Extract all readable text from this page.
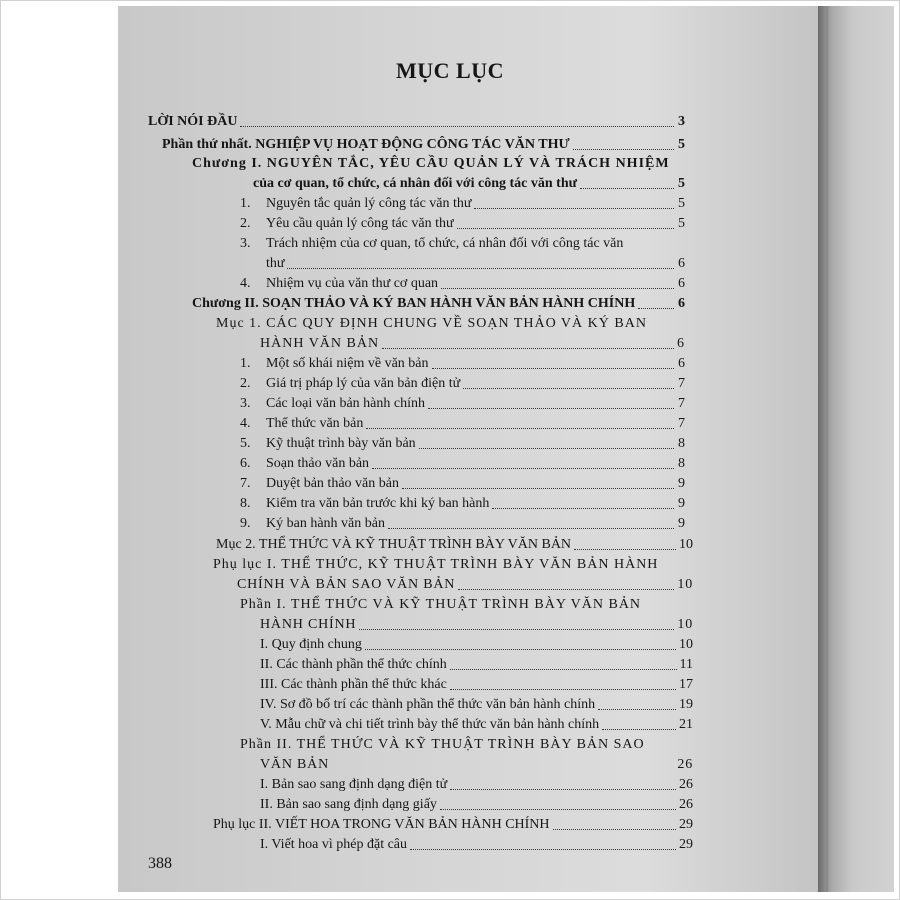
MỤC LỤC
LỜI NÓI ĐẦU	3
Phần thứ nhất. NGHIỆP VỤ HOẠT ĐỘNG CÔNG TÁC VĂN THƯ	5
Chương I. NGUYÊN TẮC, YÊU CẦU QUẢN LÝ VÀ TRÁCH NHIỆM
của cơ quan, tổ chức, cá nhân đối với công tác văn thư	5
1.	Nguyên tắc quản lý công tác văn thư	5
2.	Yêu cầu quản lý công tác văn thư	5
3. Trách nhiệm của cơ quan, tổ chức, cá nhân đối với công tác văn
thư	6
4.	Nhiệm vụ của văn thư cơ quan	6
Chương II. SOẠN THẢO VÀ KÝ BAN HÀNH VĂN BẢN HÀNH CHÍNH	6
Mục 1. CÁC QUY ĐỊNH CHUNG VỀ SOẠN THẢO VÀ KÝ BAN
HÀNH VĂN BẢN	6
1.	Một số khái niệm về văn bản	6
2.	Giá trị pháp lý của văn bản điện tử	7
3.	Các loại văn bản hành chính	7
4.	Thể thức văn bản	7
5.	Kỹ thuật trình bày văn bản	8
6.	Soạn thảo văn bản	8
7.	Duyệt bản thảo văn bản	9
8.	Kiểm tra văn bản trước khi ký ban hành	9
9.	Ký ban hành văn bản	9
Mục 2. THỂ THỨC VÀ KỸ THUẬT TRÌNH BÀY VĂN BẢN	10
Phụ lục I. THỂ THỨC, KỸ THUẬT TRÌNH BÀY VĂN BẢN HÀNH
CHÍNH VÀ BẢN SAO VĂN BẢN	10
Phần I. THỂ THỨC VÀ KỸ THUẬT TRÌNH BÀY VĂN BẢN
HÀNH CHÍNH	10
I. Quy định chung	10
II. Các thành phần thể thức chính	11
III. Các thành phần thể thức khác	17
IV. Sơ đồ bố trí các thành phần thể thức văn bản hành chính	19
V. Mẫu chữ và chi tiết trình bày thể thức văn bản hành chính	21
Phần II. THỂ THỨC VÀ KỸ THUẬT TRÌNH BÀY BẢN SAO
VĂN BẢN	26
I. Bản sao sang định dạng điện tử	26
II. Bản sao sang định dạng giấy	26
Phụ lục II. VIẾT HOA TRONG VĂN BẢN HÀNH CHÍNH	29
I. Viết hoa vì phép đặt câu	29
388
